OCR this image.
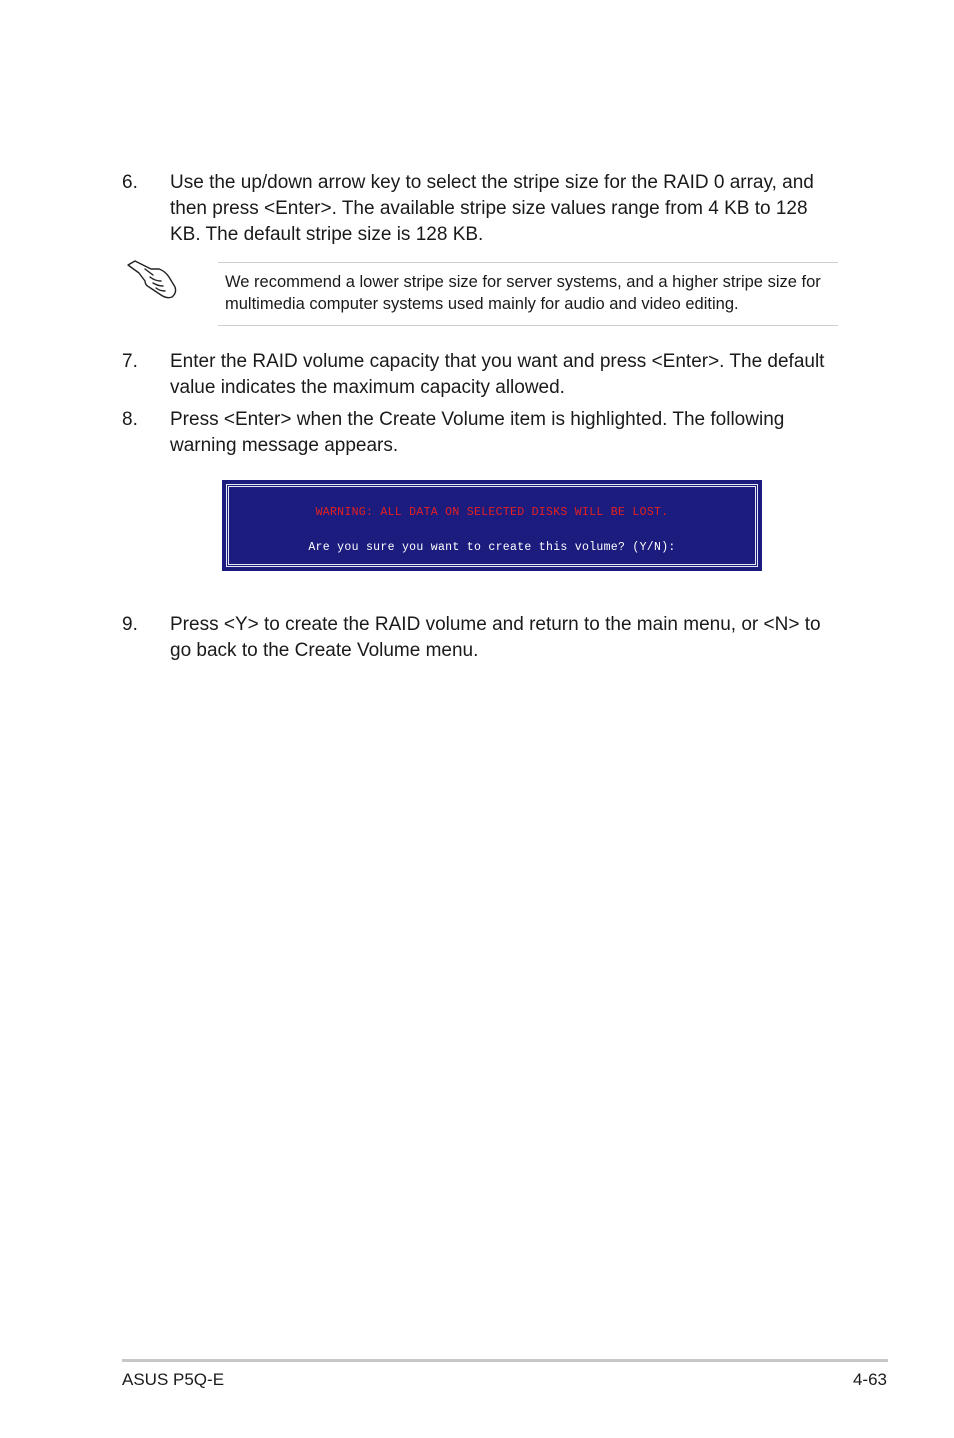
6. Use the up/down arrow key to select the stripe size for the RAID 0 array, and then press <Enter>. The available stripe size values range from 4 KB to 128 KB. The default stripe size is 128 KB.
We recommend a lower stripe size for server systems, and a higher stripe size for multimedia computer systems used mainly for audio and video editing.
7. Enter the RAID volume capacity that you want and press <Enter>. The default value indicates the maximum capacity allowed.
8. Press <Enter> when the Create Volume item is highlighted. The following warning message appears.
WARNING: ALL DATA ON SELECTED DISKS WILL BE LOST.
Are you sure you want to create this volume? (Y/N):
9. Press <Y> to create the RAID volume and return to the main menu, or <N> to go back to the Create Volume menu.
ASUS P5Q-E	4-63
